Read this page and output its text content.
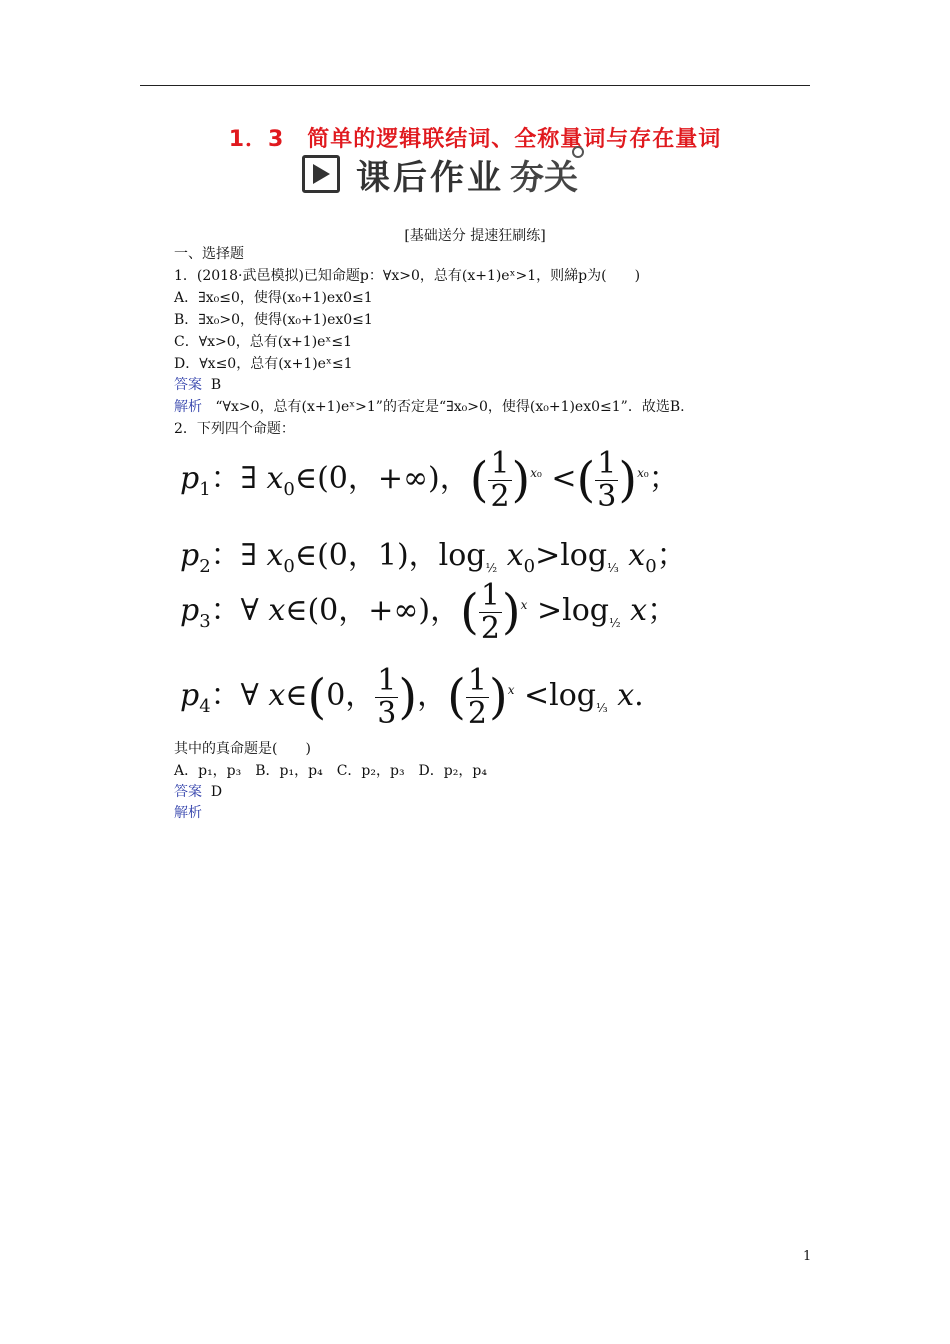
1．3　简单的逻辑联结词、全称量词与存在量词
课后作业 夯关
[基础送分 提速狂刷练]
一、选择题
1．(2018·武邑模拟)已知命题p：∀x>0，总有(x+1)eˣ>1，则綈p为(　　)
A．∃x₀≤0，使得(x₀+1)ex0≤1
B．∃x₀>0，使得(x₀+1)ex0≤1
C．∀x>0，总有(x+1)eˣ≤1
D．∀x≤0，总有(x+1)eˣ≤1
答案 B
解析 “∀x>0，总有(x+1)eˣ>1”的否定是“∃x₀>0，使得(x₀+1)ex0≤1”．故选B.
2．下列四个命题：
$p_1$：∃ $x_0\in(0$，+∞)，( $\frac{1}{2} )^{x_0}$ <( $\frac{1}{3} )^{x_0}$；
$p_2$：∃ $x_0\in(0$，1)，$\log_{\frac{1}{2}} x_0>\log_{\frac{1}{3}}$ $x_0$；
$p_3$：∀ x∈(0，+∞)，( $\frac{1}{2} )^x >\log_{\frac{1}{2}}$ x；
$p_4$：∀ x∈(0， $\frac{1}{3}$ )，( $\frac{1}{2} )^x <\log_{\frac{1}{3}}$ x.
其中的真命题是(　　)
A．p₁，p₃　B．p₁，p₄　C．p₂，p₃　D．p₂，p₄
答案 D
解析
1
